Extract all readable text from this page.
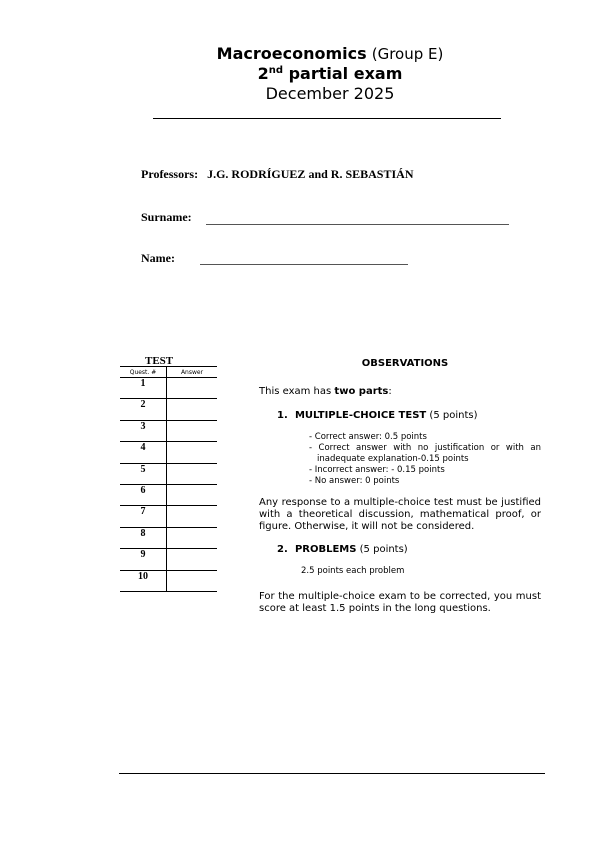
Macroeconomics (Group E)
2nd partial exam
December 2025
Professors: J.G. RODRÍGUEZ and R. SEBASTIÁN
Surname:
Name:
TEST
Quest. #	Answer
1	
2	
3	
4	
5	
6	
7	
8	
9	
10	
OBSERVATIONS
This exam has two parts:
1. MULTIPLE-CHOICE TEST (5 points)
- Correct answer: 0.5 points
- Correct answer with no justification or with an inadequate explanation-0.15 points
- Incorrect answer: - 0.15 points
- No answer: 0 points
Any response to a multiple-choice test must be justified with a theoretical discussion, mathematical proof, or figure. Otherwise, it will not be considered.
2. PROBLEMS (5 points)
2.5 points each problem
For the multiple-choice exam to be corrected, you must score at least 1.5 points in the long questions.
